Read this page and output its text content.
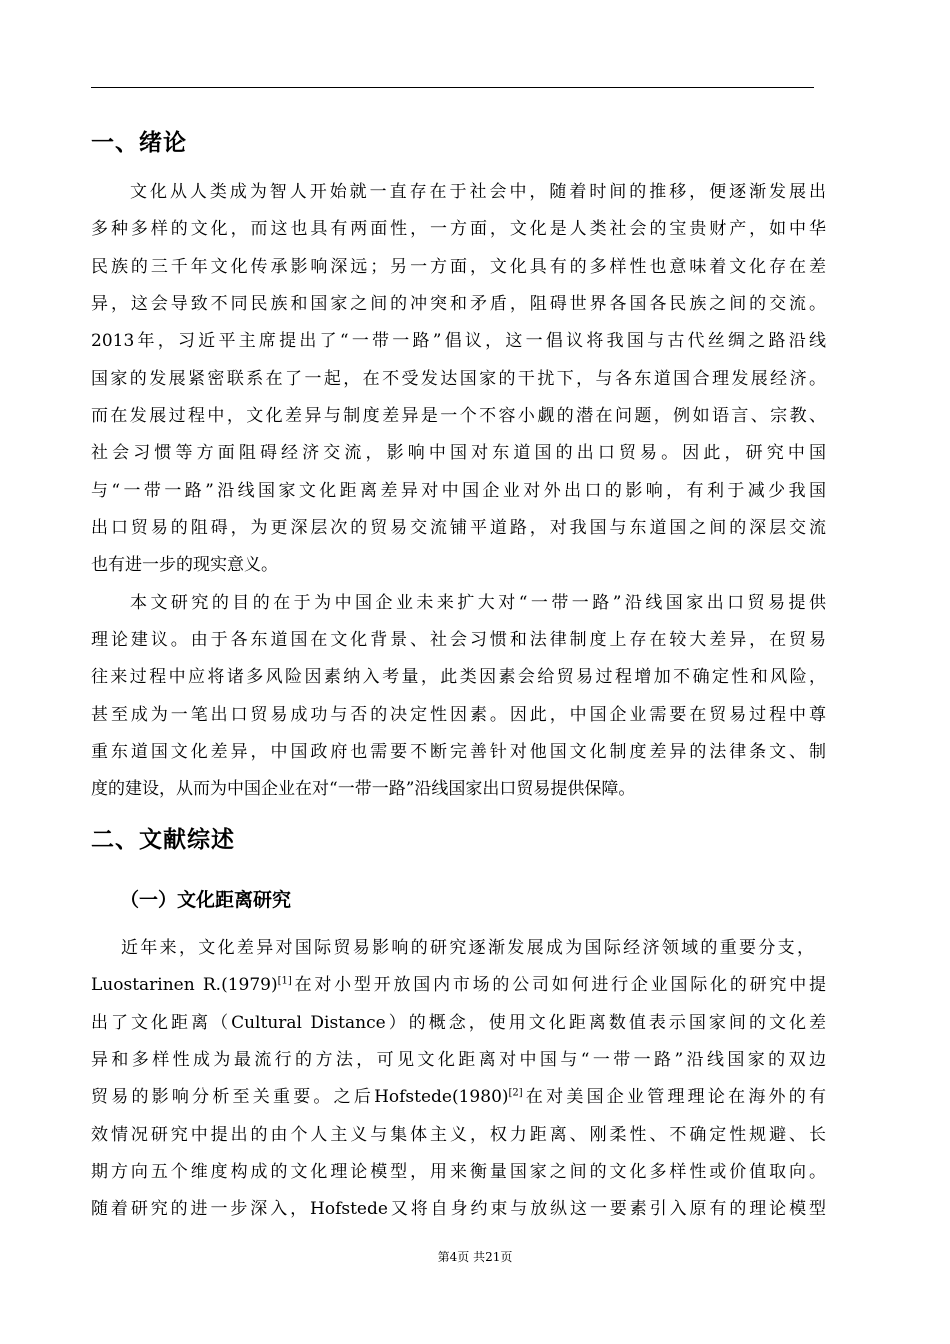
一、绪论
文化从人类成为智人开始就一直存在于社会中，随着时间的推移，便逐渐发展出
多种多样的文化，而这也具有两面性，一方面，文化是人类社会的宝贵财产，如中华
民族的三千年文化传承影响深远；另一方面，文化具有的多样性也意味着文化存在差
异，这会导致不同民族和国家之间的冲突和矛盾，阻碍世界各国各民族之间的交流。
2013年，习近平主席提出了“一带一路”倡议，这一倡议将我国与古代丝绸之路沿线
国家的发展紧密联系在了一起，在不受发达国家的干扰下，与各东道国合理发展经济。
而在发展过程中，文化差异与制度差异是一个不容小觑的潜在问题，例如语言、宗教、
社会习惯等方面阻碍经济交流，影响中国对东道国的出口贸易。因此，研究中国
与“一带一路”沿线国家文化距离差异对中国企业对外出口的影响，有利于减少我国
出口贸易的阻碍，为更深层次的贸易交流铺平道路，对我国与东道国之间的深层交流
也有进一步的现实意义。
本文研究的目的在于为中国企业未来扩大对“一带一路”沿线国家出口贸易提供
理论建议。由于各东道国在文化背景、社会习惯和法律制度上存在较大差异，在贸易
往来过程中应将诸多风险因素纳入考量，此类因素会给贸易过程增加不确定性和风险，
甚至成为一笔出口贸易成功与否的决定性因素。因此，中国企业需要在贸易过程中尊
重东道国文化差异，中国政府也需要不断完善针对他国文化制度差异的法律条文、制
度的建设，从而为中国企业在对“一带一路”沿线国家出口贸易提供保障。
二、文献综述
（一）文化距离研究
近年来，文化差异对国际贸易影响的研究逐渐发展成为国际经济领域的重要分支，
Luostarinen R.(1979)[1]在对小型开放国内市场的公司如何进行企业国际化的研究中提
出了文化距离（Cultural Distance）的概念，使用文化距离数值表示国家间的文化差
异和多样性成为最流行的方法，可见文化距离对中国与“一带一路”沿线国家的双边
贸易的影响分析至关重要。之后Hofstede(1980)[2]在对美国企业管理理论在海外的有
效情况研究中提出的由个人主义与集体主义，权力距离、刚柔性、不确定性规避、长
期方向五个维度构成的文化理论模型，用来衡量国家之间的文化多样性或价值取向。
随着研究的进一步深入，Hofstede又将自身约束与放纵这一要素引入原有的理论模型
第4页 共21页
